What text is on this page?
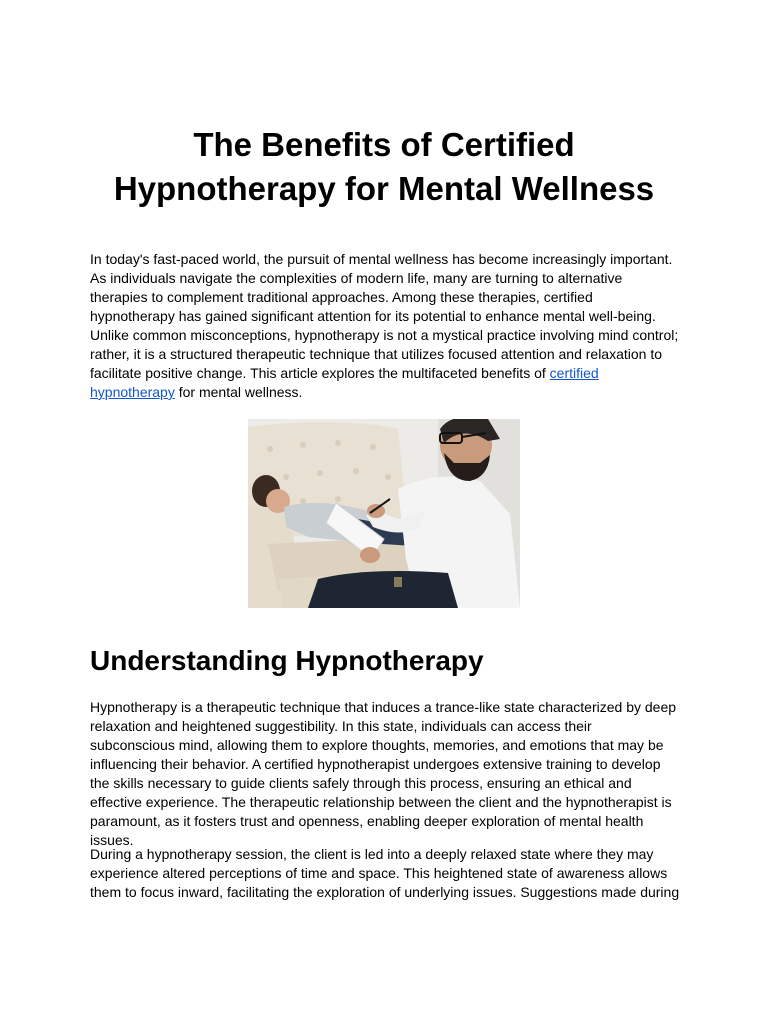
The Benefits of Certified Hypnotherapy for Mental Wellness

In today's fast-paced world, the pursuit of mental wellness has become increasingly important. As individuals navigate the complexities of modern life, many are turning to alternative therapies to complement traditional approaches. Among these therapies, certified hypnotherapy has gained significant attention for its potential to enhance mental well-being. Unlike common misconceptions, hypnotherapy is not a mystical practice involving mind control; rather, it is a structured therapeutic technique that utilizes focused attention and relaxation to facilitate positive change. This article explores the multifaceted benefits of certified hypnotherapy for mental wellness.

Understanding Hypnotherapy

Hypnotherapy is a therapeutic technique that induces a trance-like state characterized by deep relaxation and heightened suggestibility. In this state, individuals can access their subconscious mind, allowing them to explore thoughts, memories, and emotions that may be influencing their behavior. A certified hypnotherapist undergoes extensive training to develop the skills necessary to guide clients safely through this process, ensuring an ethical and effective experience. The therapeutic relationship between the client and the hypnotherapist is paramount, as it fosters trust and openness, enabling deeper exploration of mental health issues.

During a hypnotherapy session, the client is led into a deeply relaxed state where they may experience altered perceptions of time and space. This heightened state of awareness allows them to focus inward, facilitating the exploration of underlying issues. Suggestions made during
